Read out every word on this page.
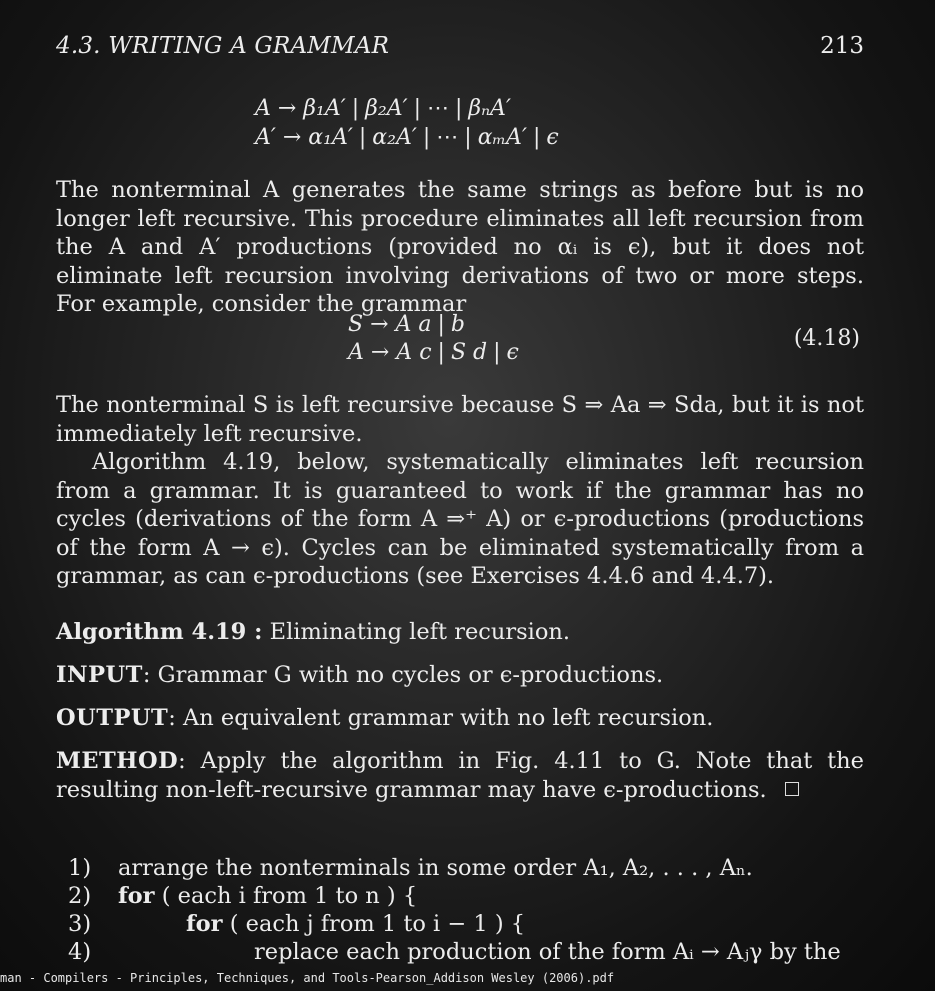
4.3. WRITING A GRAMMAR	213
A → β₁A′ | β₂A′ | ⋯ | βₙA′
A′ → α₁A′ | α₂A′ | ⋯ | αₘA′ | ϵ

The nonterminal A generates the same strings as before but is no longer left recursive. This procedure eliminates all left recursion from the A and A′ productions (provided no αᵢ is ϵ), but it does not eliminate left recursion involving derivations of two or more steps. For example, consider the grammar

S → A a | b
A → A c | S d | ϵ
(4.18)

The nonterminal S is left recursive because S ⇒ Aa ⇒ Sda, but it is not immediately left recursive.

Algorithm 4.19, below, systematically eliminates left recursion from a grammar. It is guaranteed to work if the grammar has no cycles (derivations of the form A ⇒⁺ A) or ϵ-productions (productions of the form A → ϵ). Cycles can be eliminated systematically from a grammar, as can ϵ-productions (see Exercises 4.4.6 and 4.4.7).

Algorithm 4.19 : Eliminating left recursion.

INPUT: Grammar G with no cycles or ϵ-productions.

OUTPUT: An equivalent grammar with no left recursion.

METHOD: Apply the algorithm in Fig. 4.11 to G. Note that the resulting non-left-recursive grammar may have ϵ-productions.

1) arrange the nonterminals in some order A₁, A₂, . . . , Aₙ.
2) for ( each i from 1 to n ) {
3)	for ( each j from 1 to i − 1 ) {
4)	replace each production of the form Aᵢ → Aⱼγ by the
man - Compilers - Principles, Techniques, and Tools-Pearson_Addison Wesley (2006).pdf
